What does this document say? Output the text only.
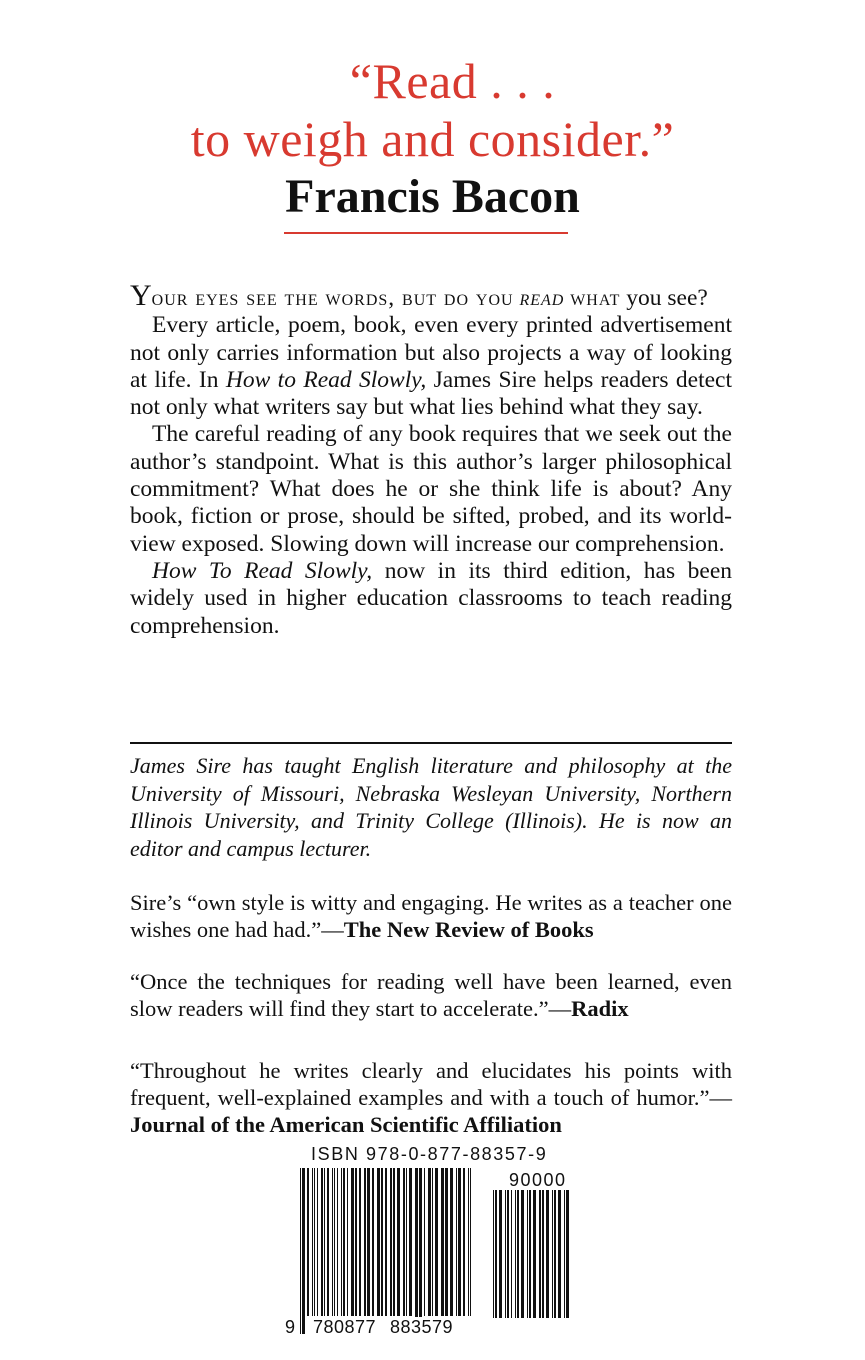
“Read . . .
to weigh and consider.”
Francis Bacon

Your eyes see the words, but do you read what you see?

Every article, poem, book, even every printed advertisement not only carries information but also projects a way of looking at life. In How to Read Slowly, James Sire helps readers detect not only what writers say but what lies behind what they say.

The careful reading of any book requires that we seek out the author’s standpoint. What is this author’s larger philosophical commitment? What does he or she think life is about? Any book, fiction or prose, should be sifted, probed, and its world-view exposed. Slowing down will increase our comprehension.

How To Read Slowly, now in its third edition, has been widely used in higher education classrooms to teach reading comprehension.

James Sire has taught English literature and philosophy at the University of Missouri, Nebraska Wesleyan University, Northern Illinois University, and Trinity College (Illinois). He is now an editor and campus lecturer.
Sire’s “own style is witty and engaging. He writes as a teacher one wishes one had had.”—The New Review of Books
“Once the techniques for reading well have been learned, even slow readers will find they start to accelerate.”—Radix
“Throughout he writes clearly and elucidates his points with frequent, well-explained examples and with a touch of humor.”—Journal of the American Scientific Affiliation
ISBN 978-0-877-88357-9
90000
9 780877 883579
